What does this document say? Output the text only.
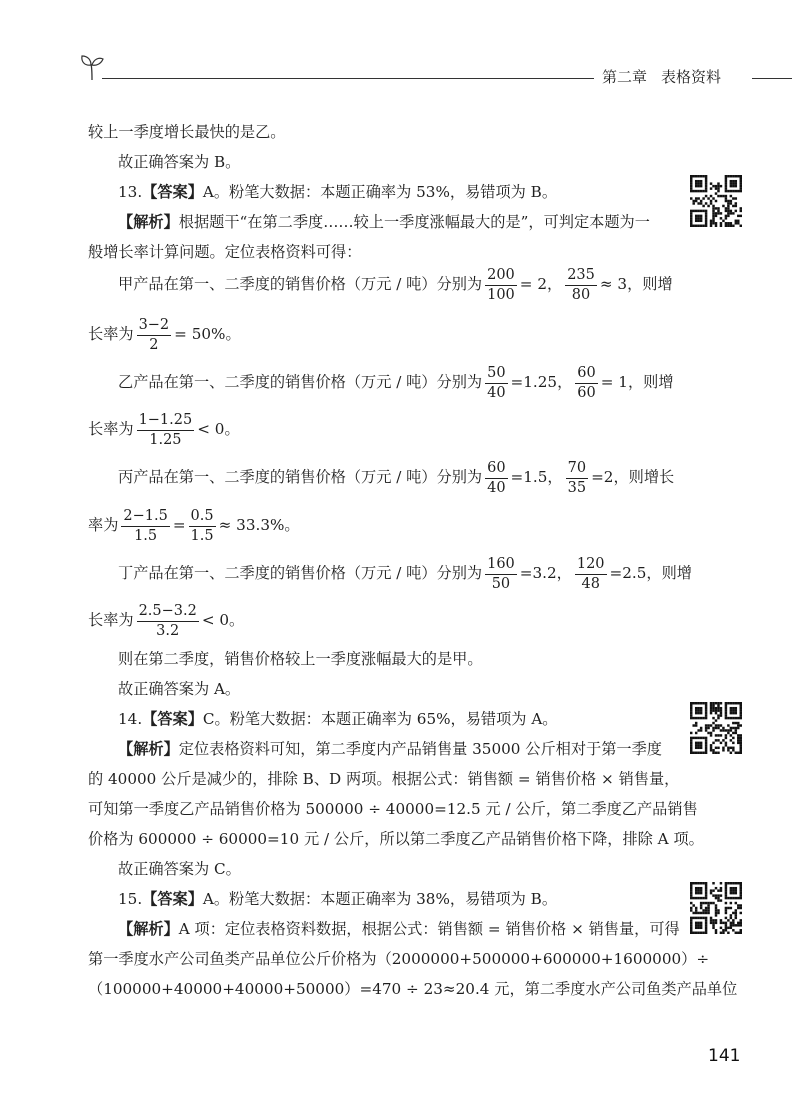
第二章 表格资料
较上一季度增长最快的是乙。
故正确答案为 B。
13.【答案】A。粉笔大数据：本题正确率为 53%，易错项为 B。
【解析】根据题干“在第二季度……较上一季度涨幅最大的是”，可判定本题为一
般增长率计算问题。定位表格资料可得：
甲产品在第一、二季度的销售价格（万元 / 吨）分别为 $\frac{200}{100} = 2$， $\frac{235}{80} \approx 3$，则增
长率为 $\frac{3-2}{2} = 50\%$。
乙产品在第一、二季度的销售价格（万元 / 吨）分别为 $\frac{50}{40} =1.25$， $\frac{60}{60} = 1$，则增
长率为 $\frac{1-1.25}{1.25} < 0$。
丙产品在第一、二季度的销售价格（万元 / 吨）分别为 $\frac{60}{40} =1.5$， $\frac{70}{35} =2$，则增长
率为 $\frac{2-1.5}{1.5} = \frac{0.5}{1.5} \approx 33.3\%$。
丁产品在第一、二季度的销售价格（万元 / 吨）分别为 $\frac{160}{50} =3.2$， $\frac{120}{48} =2.5$，则增
长率为 $\frac{2.5-3.2}{3.2} < 0$。
则在第二季度，销售价格较上一季度涨幅最大的是甲。
故正确答案为 A。
14.【答案】C。粉笔大数据：本题正确率为 65%，易错项为 A。
【解析】定位表格资料可知，第二季度内产品销售量 35000 公斤相对于第一季度
的 40000 公斤是减少的，排除 B、D 两项。根据公式：销售额 = 销售价格 × 销售量，
可知第一季度乙产品销售价格为 500000 ÷ 40000=12.5 元 / 公斤，第二季度乙产品销售
价格为 600000 ÷ 60000=10 元 / 公斤，所以第二季度乙产品销售价格下降，排除 A 项。
故正确答案为 C。
15.【答案】A。粉笔大数据：本题正确率为 38%，易错项为 B。
【解析】A 项：定位表格资料数据，根据公式：销售额 = 销售价格 × 销售量，可得
第一季度水产公司鱼类产品单位公斤价格为（2000000+500000+600000+1600000）÷
（100000+40000+40000+50000）=470 ÷ 23≈20.4 元，第二季度水产公司鱼类产品单位
141
